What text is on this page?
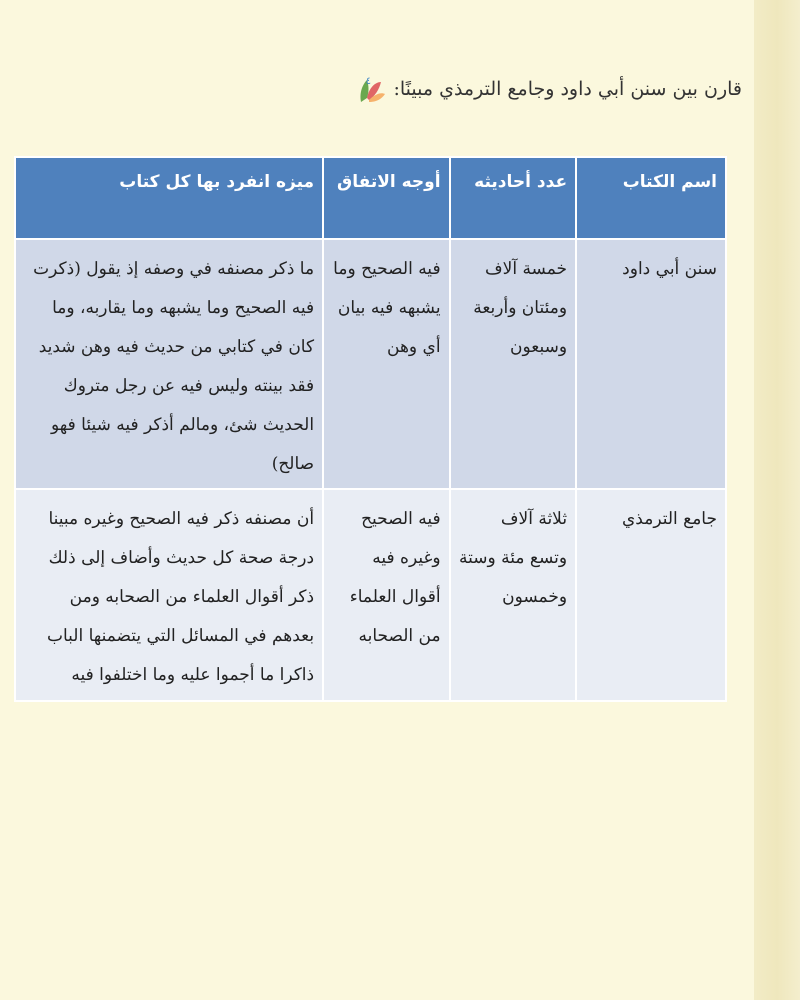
٤ قارن بين سنن أبي داود وجامع الترمذي مبينًا:
اسم الكتاب	عدد أحاديثه	أوجه الاتفاق	ميزه انفرد بها كل كتاب
سنن أبي داود	خمسة آلاف ومئتان وأربعة وسبعون	فيه الصحيح وما يشبهه فيه بيان أي وهن	ما ذكر مصنفه في وصفه إذ يقول (ذكرت فيه الصحيح وما يشبهه وما يقاربه، وما كان في كتابي من حديث فيه وهن شديد فقد بينته وليس فيه عن رجل متروك الحديث شئ، ومالم أذكر فيه شيئا فهو صالح)
جامع الترمذي	ثلاثة آلاف وتسع مئة وستة وخمسون	فيه الصحيح وغيره فيه أقوال العلماء من الصحابه	أن مصنفه ذكر فيه الصحيح وغيره مبينا درجة صحة كل حديث وأضاف إلى ذلك ذكر أقوال العلماء من الصحابه ومن بعدهم في المسائل التي يتضمنها الباب ذاكرا ما أجموا عليه وما اختلفوا فيه
